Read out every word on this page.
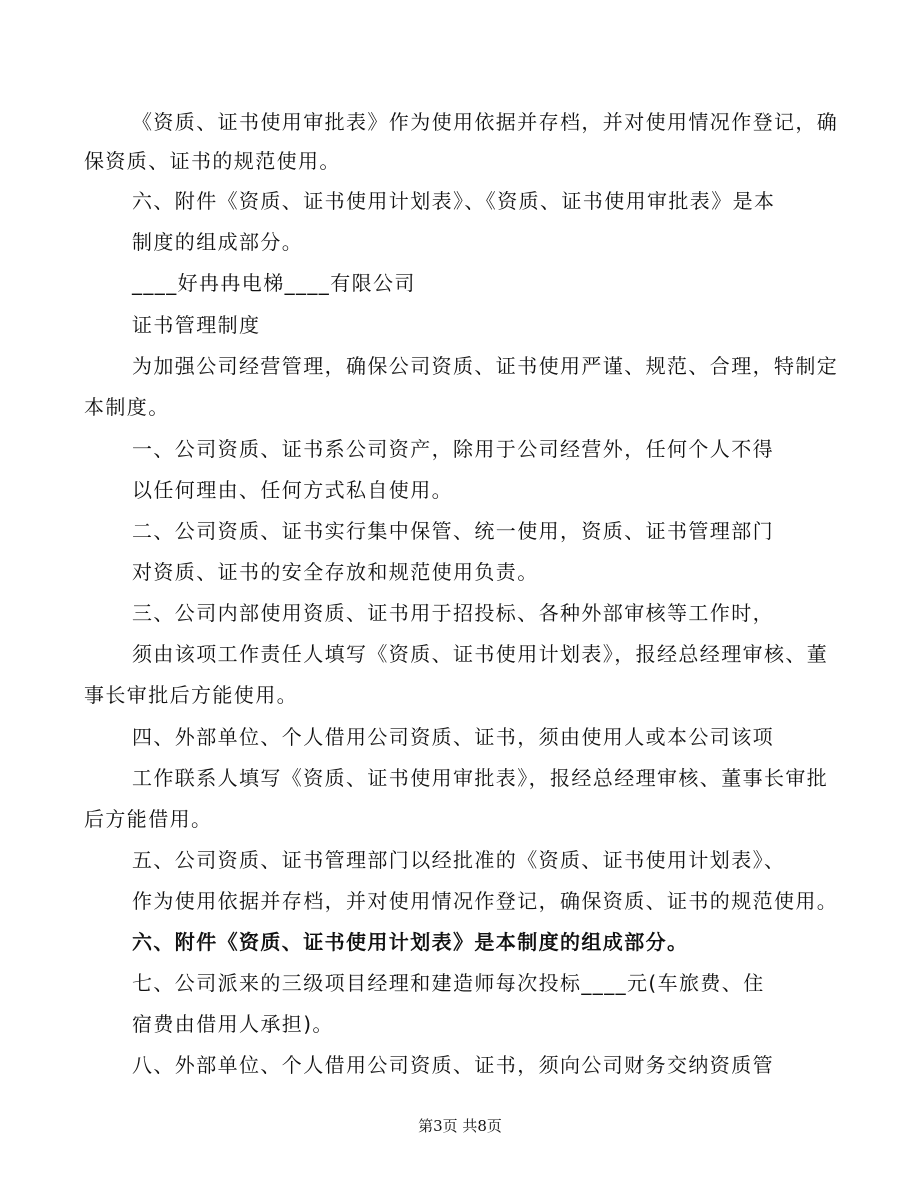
《资质、证书使用审批表》作为使用依据并存档，并对使用情况作登记，确
保资质、证书的规范使用。
六、附件《资质、证书使用计划表》、《资质、证书使用审批表》是本
制度的组成部分。
____好冉冉电梯____有限公司
证书管理制度
为加强公司经营管理，确保公司资质、证书使用严谨、规范、合理，特制定
本制度。
一、公司资质、证书系公司资产，除用于公司经营外，任何个人不得
以任何理由、任何方式私自使用。
二、公司资质、证书实行集中保管、统一使用，资质、证书管理部门
对资质、证书的安全存放和规范使用负责。
三、公司内部使用资质、证书用于招投标、各种外部审核等工作时，
须由该项工作责任人填写《资质、证书使用计划表》，报经总经理审核、董
事长审批后方能使用。
四、外部单位、个人借用公司资质、证书，须由使用人或本公司该项
工作联系人填写《资质、证书使用审批表》，报经总经理审核、董事长审批
后方能借用。
五、公司资质、证书管理部门以经批准的《资质、证书使用计划表》、
作为使用依据并存档，并对使用情况作登记，确保资质、证书的规范使用。
六、附件《资质、证书使用计划表》是本制度的组成部分。
七、公司派来的三级项目经理和建造师每次投标____元(车旅费、住
宿费由借用人承担)。
八、外部单位、个人借用公司资质、证书，须向公司财务交纳资质管
第3页 共8页
